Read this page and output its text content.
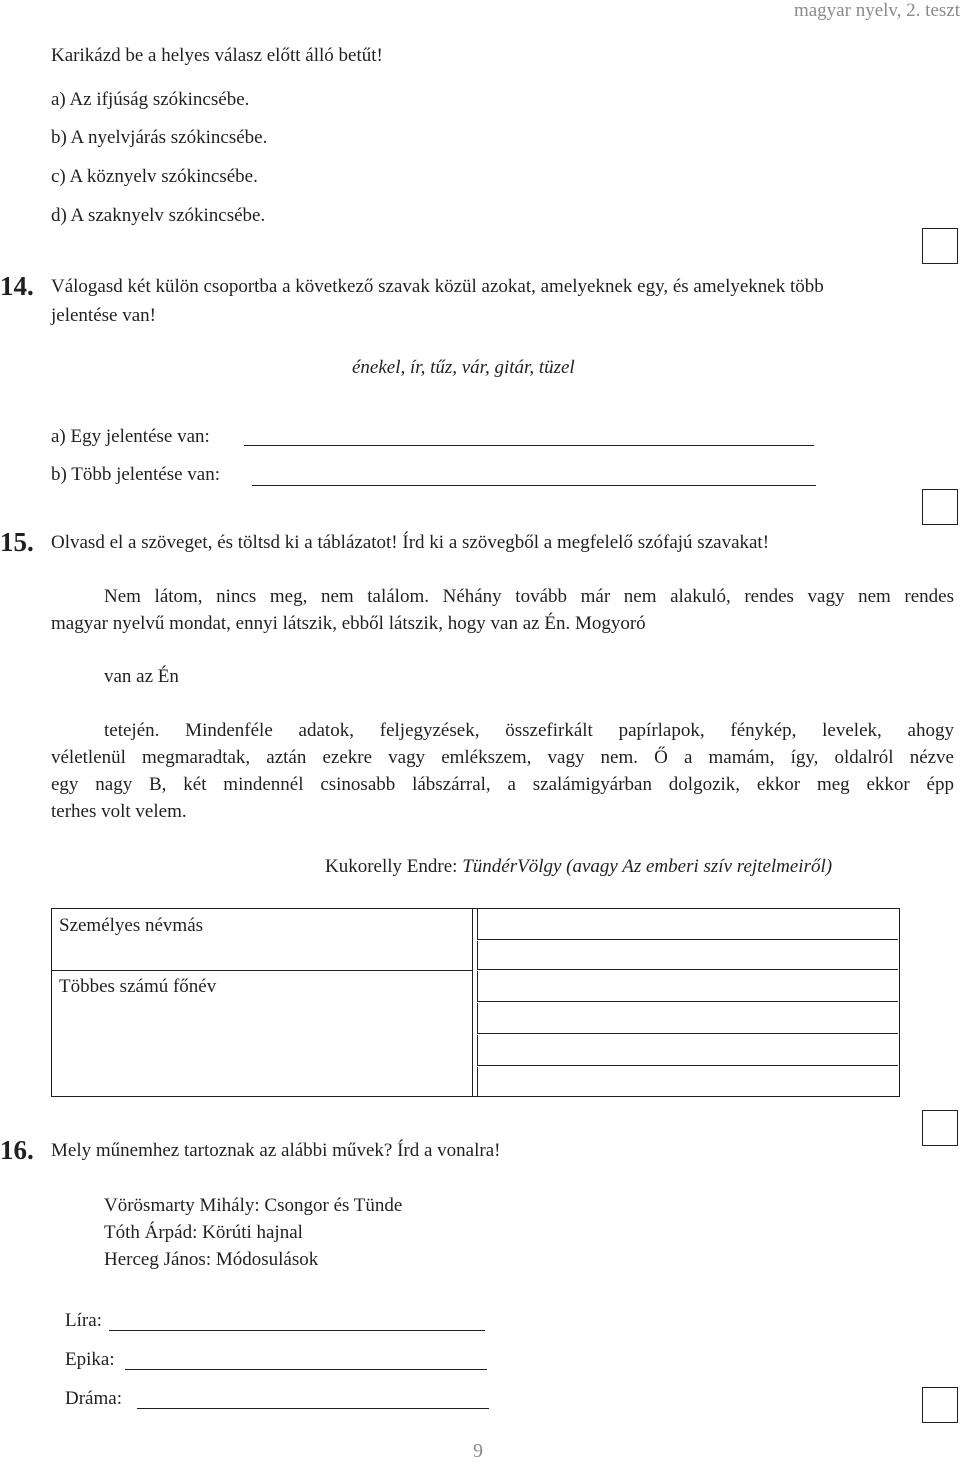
magyar nyelv, 2. teszt
Karikázd be a helyes válasz előtt álló betűt!
a) Az ifjúság szókincsébe.
b) A nyelvjárás szókincsébe.
c) A köznyelv szókincsébe.
d) A szaknyelv szókincsébe.
14. Válogasd két külön csoportba a következő szavak közül azokat, amelyeknek egy, és amelyeknek több
jelentése van!
énekel, ír, tűz, vár, gitár, tüzel
a) Egy jelentése van:
b) Több jelentése van:
15. Olvasd el a szöveget, és töltsd ki a táblázatot! Írd ki a szövegből a megfelelő szófajú szavakat!
Nem látom, nincs meg, nem találom. Néhány tovább már nem alakuló, rendes vagy nem rendes
magyar nyelvű mondat, ennyi látszik, ebből látszik, hogy van az Én. Mogyoró
van az Én
tetején. Mindenféle adatok, feljegyzések, összefirkált papírlapok, fénykép, levelek, ahogy
véletlenül megmaradtak, aztán ezekre vagy emlékszem, vagy nem. Ő a mamám, így, oldalról nézve
egy nagy B, két mindennél csinosabb lábszárral, a szalámigyárban dolgozik, ekkor meg ekkor épp
terhes volt velem.
Kukorelly Endre: TündérVölgy (avagy Az emberi szív rejtelmeiről)
Személyes névmás
Többes számú főnév
16. Mely műnemhez tartoznak az alábbi művek? Írd a vonalra!
Vörösmarty Mihály: Csongor és Tünde
Tóth Árpád: Körúti hajnal
Herceg János: Módosulások
Líra:
Epika:
Dráma:
9
